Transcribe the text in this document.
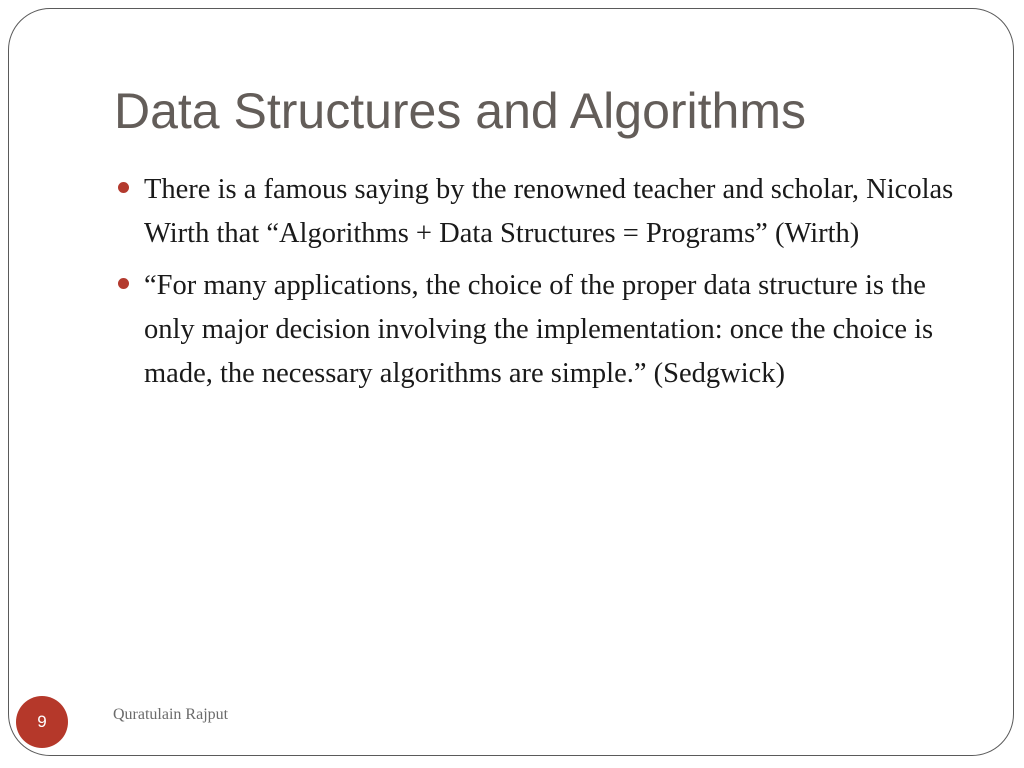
Data Structures and Algorithms
There is a famous saying by the renowned teacher and scholar, Nicolas Wirth that “Algorithms + Data Structures = Programs” (Wirth)
“For many applications, the choice of the proper data structure is the only major decision involving the implementation: once the choice is made, the necessary algorithms are simple.” (Sedgwick)
9	Quratulain Rajput
